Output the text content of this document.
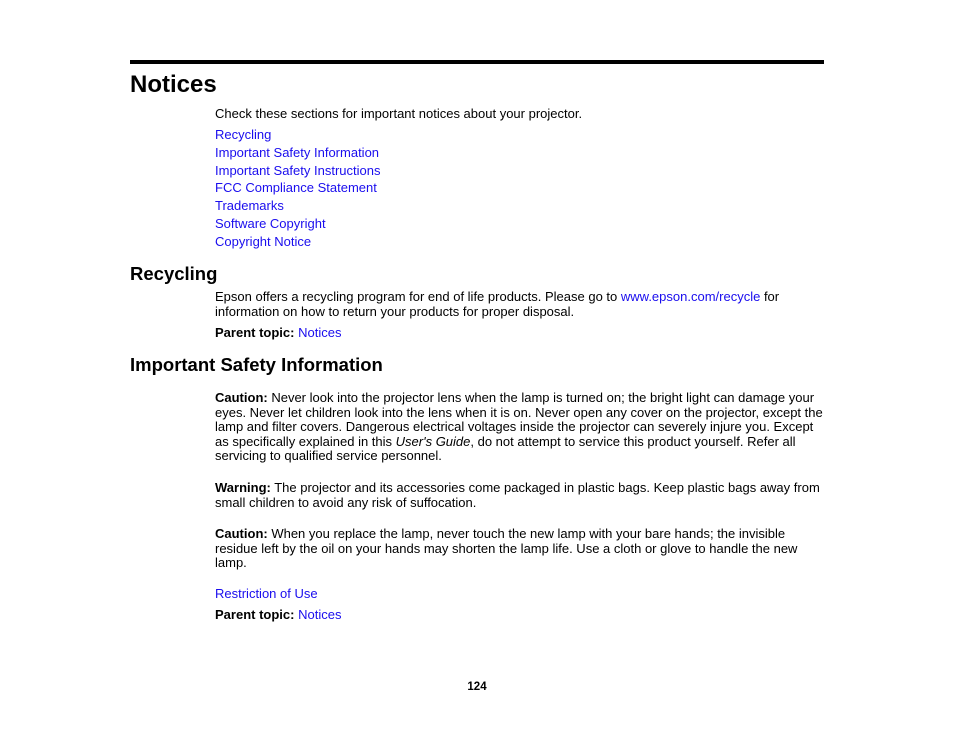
Notices

Check these sections for important notices about your projector.

Recycling
Important Safety Information
Important Safety Instructions
FCC Compliance Statement
Trademarks
Software Copyright
Copyright Notice
Recycling

Epson offers a recycling program for end of life products. Please go to www.epson.com/recycle for information on how to return your products for proper disposal.

Parent topic: Notices

Important Safety Information

Caution: Never look into the projector lens when the lamp is turned on; the bright light can damage your eyes. Never let children look into the lens when it is on. Never open any cover on the projector, except the lamp and filter covers. Dangerous electrical voltages inside the projector can severely injure you. Except as specifically explained in this User's Guide, do not attempt to service this product yourself. Refer all servicing to qualified service personnel.

Warning: The projector and its accessories come packaged in plastic bags. Keep plastic bags away from small children to avoid any risk of suffocation.

Caution: When you replace the lamp, never touch the new lamp with your bare hands; the invisible residue left by the oil on your hands may shorten the lamp life. Use a cloth or glove to handle the new lamp.

Restriction of Use

Parent topic: Notices

124
